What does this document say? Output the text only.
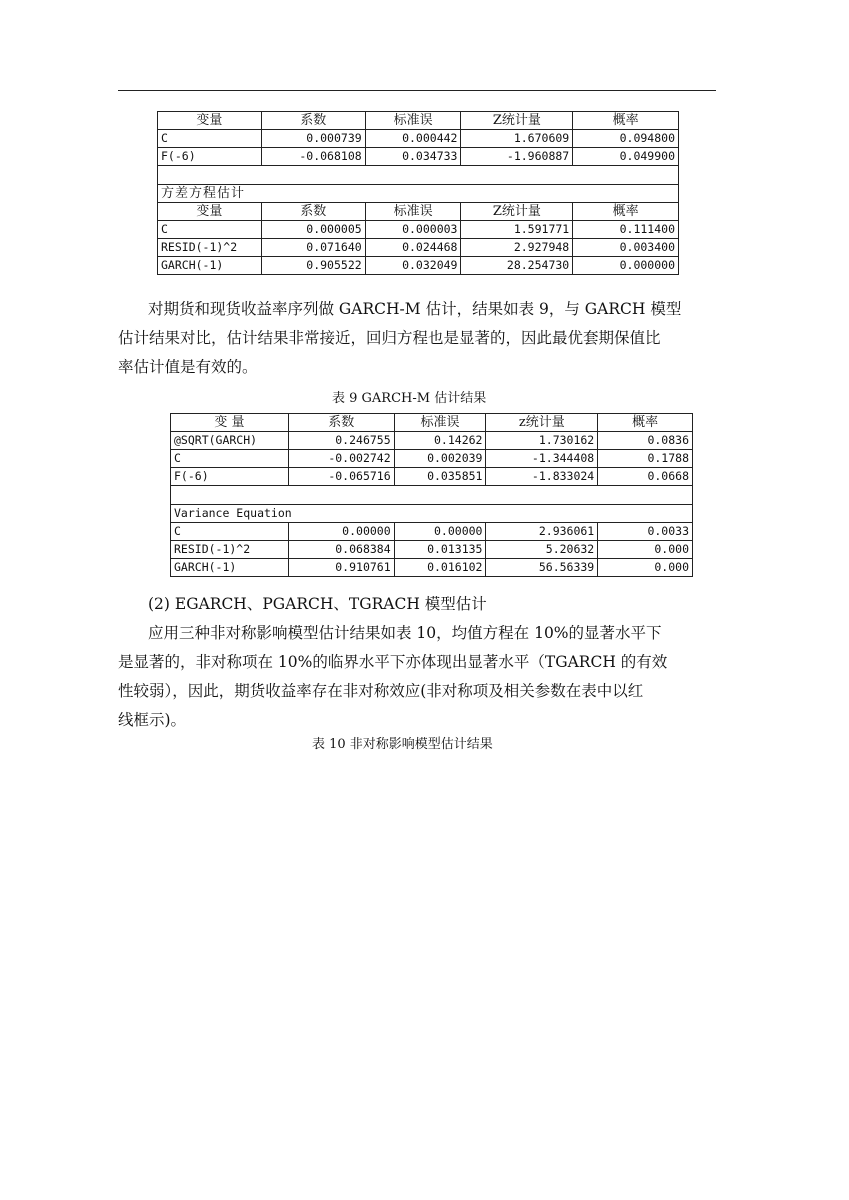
变量	系数	标准误	Z统计量	概率
C	0.000739	0.000442	1.670609	0.094800
F(-6)	-0.068108	0.034733	-1.960887	0.049900

方差方程估计				
变量	系数	标准误	Z统计量	概率
C	0.000005	0.000003	1.591771	0.111400
RESID(-1)^2	0.071640	0.024468	2.927948	0.003400
GARCH(-1)	0.905522	0.032049	28.254730	0.000000

对期货和现货收益率序列做 GARCH-M 估计，结果如表 9，与 GARCH 模型

估计结果对比，估计结果非常接近，回归方程也是显著的，因此最优套期保值比

率估计值是有效的。

表 9 GARCH-M 估计结果

变 量	系数	标准误	z统计量	概率
@SQRT(GARCH)	0.246755	0.14262	1.730162	0.0836
C	-0.002742	0.002039	-1.344408	0.1788
F(-6)	-0.065716	0.035851	-1.833024	0.0668

Variance Equation				
C	0.00000	0.00000	2.936061	0.0033
RESID(-1)^2	0.068384	0.013135	5.20632	0.000
GARCH(-1)	0.910761	0.016102	56.56339	0.000

(2) EGARCH、PGARCH、TGRACH 模型估计

应用三种非对称影响模型估计结果如表 10，均值方程在 10%的显著水平下

是显著的，非对称项在 10%的临界水平下亦体现出显著水平（TGARCH 的有效

性较弱），因此，期货收益率存在非对称效应(非对称项及相关参数在表中以红

线框示)。

表 10 非对称影响模型估计结果
